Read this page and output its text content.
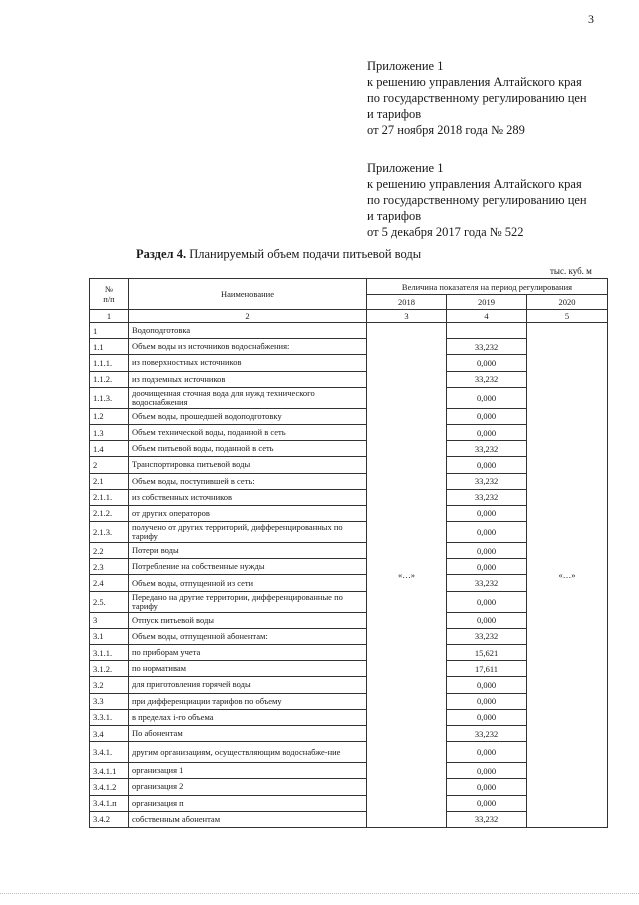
3
Приложение 1
к решению управления Алтайского края
по государственному регулированию цен
и тарифов
от 27 ноября 2018 года № 289
Приложение 1
к решению управления Алтайского края
по государственному регулированию цен
и тарифов
от 5 декабря 2017 года № 522
Раздел 4. Планируемый объем подачи питьевой воды
тыс. куб. м
№
п/п	Наименование	Величина показателя на период регулирования		
		2018	2019	2020
1	2	3	4	5
1	Водоподготовка	«…»		«…»
1.1	Объем воды из источников водоснабжения:		33,232	
1.1.1.	из поверхностных источников		0,000	
1.1.2.	из подземных источников		33,232	
1.1.3.	доочищенная сточная вода для нужд технического водоснабжения		0,000	
1.2	Объем воды, прошедшей водоподготовку		0,000	
1.3	Объем технической воды, поданной в сеть		0,000	
1.4	Объем питьевой воды, поданной в сеть		33,232	
2	Транспортировка питьевой воды		0,000	
2.1	Объем воды, поступившей в сеть:		33,232	
2.1.1.	из собственных источников		33,232	
2.1.2.	от других операторов		0,000	
2.1.3.	получено от других территорий, дифференцированных по тарифу		0,000	
2.2	Потери воды		0,000	
2.3	Потребление на собственные нужды		0,000	
2.4	Объем воды, отпущенной из сети		33,232	
2.5.	Передано на другие территории, дифференцированные по тарифу		0,000	
3	Отпуск питьевой воды		0,000	
3.1	Объем воды, отпущенной абонентам:		33,232	
3.1.1.	по приборам учета		15,621	
3.1.2.	по нормативам		17,611	
3.2	для приготовления горячей воды		0,000	
3.3	при дифференциации тарифов по объему		0,000	
3.3.1.	в пределах i-го объема		0,000	
3.4	По абонентам		33,232	
3.4.1.	другим организациям, осуществляющим водоснабже-ние		0,000	
3.4.1.1	организация 1		0,000	
3.4.1.2	организация 2		0,000	
3.4.1.п	организация п		0,000	
3.4.2	собственным абонентам		33,232	
